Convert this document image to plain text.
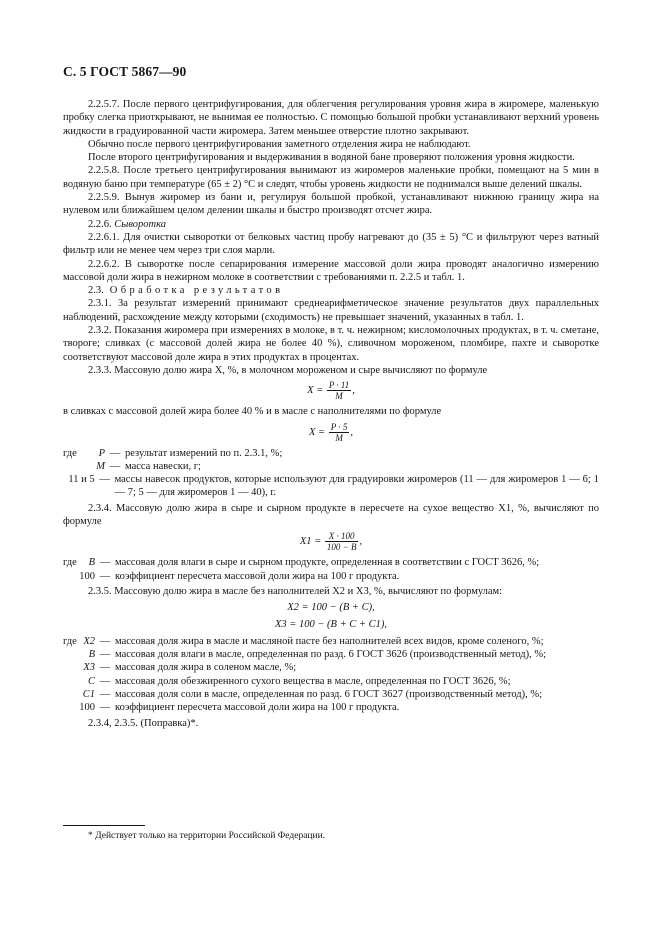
С. 5 ГОСТ 5867—90

2.2.5.7. После первого центрифугирования, для облегчения регулирования уровня жира в жиромере, маленькую пробку слегка приоткрывают, не вынимая ее полностью. С помощью большой пробки устанавливают верхний уровень жидкости в градуированной части жиромера. Затем меньшее отверстие плотно закрывают.

Обычно после первого центрифугирования заметного отделения жира не наблюдают.

После второго центрифугирования и выдерживания в водяной бане проверяют положения уровня жидкости.

2.2.5.8. После третьего центрифугирования вынимают из жиромеров маленькие пробки, помещают на 5 мин в водяную баню при температуре (65 ± 2) °С и следят, чтобы уровень жидкости не поднимался выше делений шкалы.

2.2.5.9. Вынув жиромер из бани и, регулируя большой пробкой, устанавливают нижнюю границу жира на нулевом или ближайшем целом делении шкалы и быстро производят отсчет жира.

2.2.6. Сыворотка

2.2.6.1. Для очистки сыворотки от белковых частиц пробу нагревают до (35 ± 5) °С и фильтруют через ватный фильтр или не менее чем через три слоя марли.

2.2.6.2. В сыворотке после сепарирования измерение массовой доли жира проводят аналогично измерению массовой доли жира в нежирном молоке в соответствии с требованиями п. 2.2.5 и табл. 1.

2.3. Обработка результатов

2.3.1. За результат измерений принимают среднеарифметическое значение результатов двух параллельных наблюдений, расхождение между которыми (сходимость) не превышает значений, указанных в табл. 1.

2.3.2. Показания жиромера при измерениях в молоке, в т. ч. нежирном; кисломолочных продуктах, в т. ч. сметане, твороге; сливках (с массовой долей жира не более 40 %), сливочном мороженом, пломбире, пахте и сыворотке соответствуют массовой доле жира в этих продуктах в процентах.

2.3.3. Массовую долю жира X, %, в молочном мороженом и сыре вычисляют по формуле

$X = \frac{P \cdot 11}{M}$ ,

в сливках с массовой долей жира более 40 % и в масле с наполнителями по формуле

$X = \frac{P \cdot 5}{M}$ ,
где P — результат измерений по п. 2.3.1, %;
M — масса навески, г;
11 и 5 — массы навесок продуктов, которые используют для градуировки жиромеров (11 — для жиромеров 1 — 6; 1 — 7; 5 — для жиромеров 1 — 40), г.

2.3.4. Массовую долю жира в сыре и сырном продукте в пересчете на сухое вещество X1, %, вычисляют по формуле

$X1 = \frac{X \cdot 100}{100 - B}$ ,
где B — массовая доля влаги в сыре и сырном продукте, определенная в соответствии с ГОСТ 3626, %;
100 — коэффициент пересчета массовой доли жира на 100 г продукта.

2.3.5. Массовую долю жира в масле без наполнителей X2 и X3, %, вычисляют по формулам:

X2 = 100 − (B + C),
X3 = 100 − (B + C + C1),
где X2 — массовая доля жира в масле и масляной пасте без наполнителей всех видов, кроме соленого, %;
B — массовая доля влаги в масле, определенная по разд. 6 ГОСТ 3626 (производственный метод), %;
X3 — массовая доля жира в соленом масле, %;
C — массовая доля обезжиренного сухого вещества в масле, определенная по ГОСТ 3626, %;
C1 — массовая доля соли в масле, определенная по разд. 6 ГОСТ 3627 (производственный метод), %;
100 — коэффициент пересчета массовой доли жира на 100 г продукта.

2.3.4, 2.3.5. (Поправка)*.

* Действует только на территории Российской Федерации.
